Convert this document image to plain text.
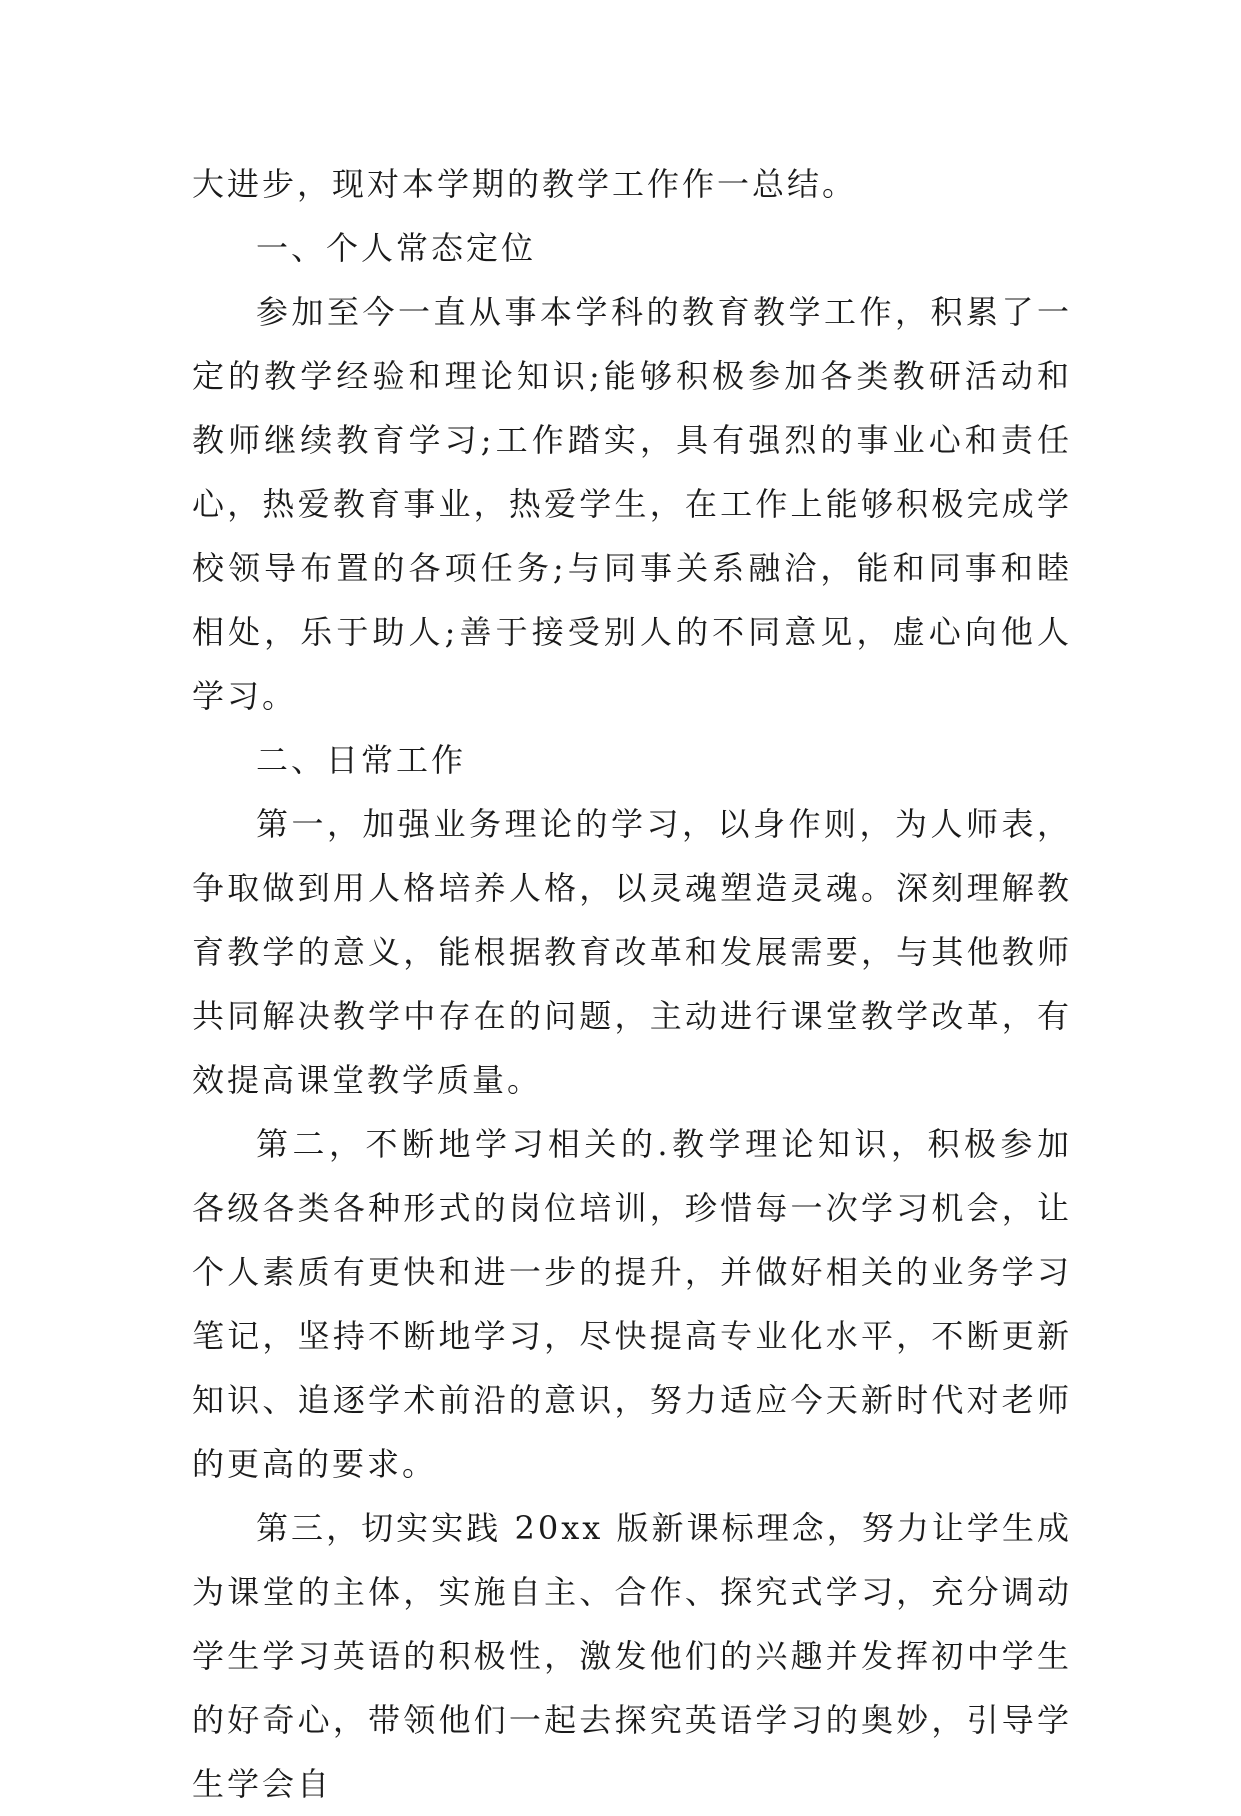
大进步，现对本学期的教学工作作一总结。

一、个人常态定位

参加至今一直从事本学科的教育教学工作，积累了一定的教学经验和理论知识;能够积极参加各类教研活动和教师继续教育学习;工作踏实，具有强烈的事业心和责任心，热爱教育事业，热爱学生，在工作上能够积极完成学校领导布置的各项任务;与同事关系融洽，能和同事和睦相处，乐于助人;善于接受别人的不同意见，虚心向他人学习。

二、日常工作

第一，加强业务理论的学习，以身作则，为人师表，争取做到用人格培养人格，以灵魂塑造灵魂。深刻理解教育教学的意义，能根据教育改革和发展需要，与其他教师共同解决教学中存在的问题，主动进行课堂教学改革，有效提高课堂教学质量。

第二，不断地学习相关的.教学理论知识，积极参加各级各类各种形式的岗位培训，珍惜每一次学习机会，让个人素质有更快和进一步的提升，并做好相关的业务学习笔记，坚持不断地学习，尽快提高专业化水平，不断更新知识、追逐学术前沿的意识，努力适应今天新时代对老师的更高的要求。

第三，切实实践 20xx 版新课标理念，努力让学生成为课堂的主体，实施自主、合作、探究式学习，充分调动学生学习英语的积极性，激发他们的兴趣并发挥初中学生的好奇心，带领他们一起去探究英语学习的奥妙，引导学生学会自
